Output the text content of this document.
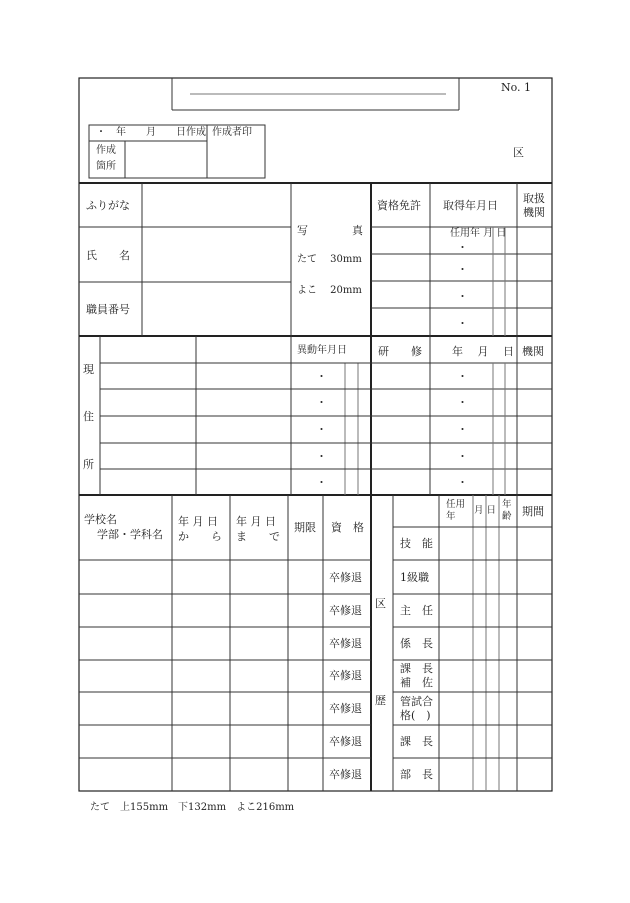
No. 1
区
・　年　　月　　日作成 作成者印
作成
箇所
ふりがな
氏　　名
職員番号
写　　　　真
たて　 30mm
よこ　 20mm
資格免許 取得年月日
取扱
機関
任用年 月 日
・
・
・
・
現
住
所
異動年月日
・
・
・
・
・
研　　修	年　 月　 日 機関
・
・
・
・
・
学校名
学部・学科名
年 月 日
か　　ら
年 月 日
ま　　で
期限 資　格
卒修退
卒修退
卒修退
卒修退
卒修退
卒修退
卒修退
区
歴
任用
年
月 日
年
齢 期間
技　能
1級職
主　任
係　長
課　長
補　佐
管試合
格(　)
課　長
部　長
たて　上155mm　下132mm　よこ216mm
